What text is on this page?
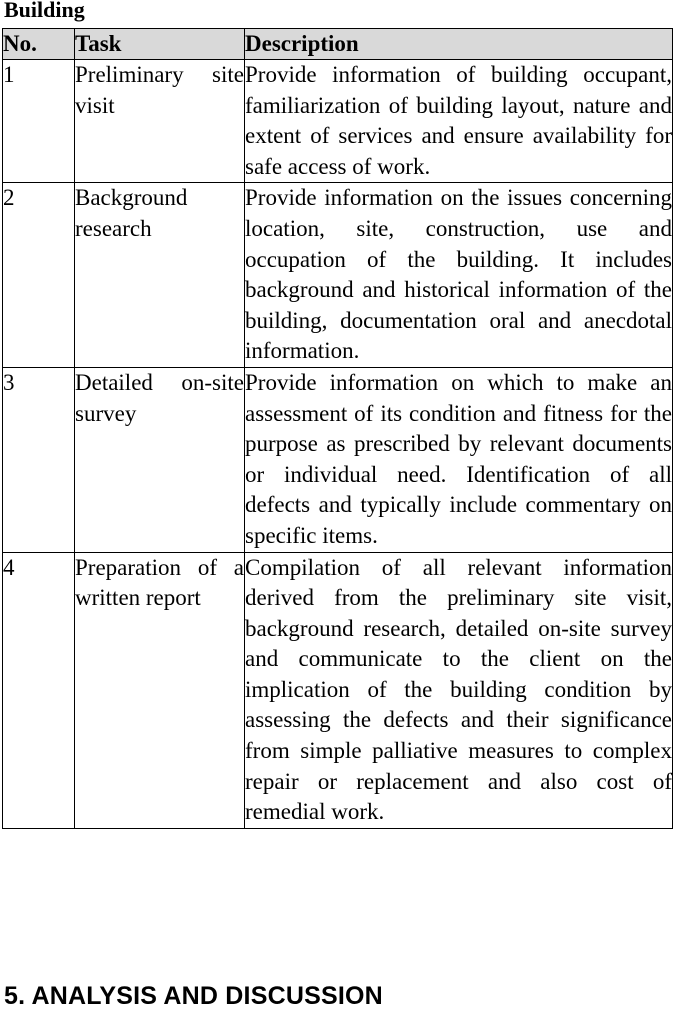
Building
No.	Task	Description
1	Preliminary site visit	Provide information of building occupant, familiarization of building layout, nature and extent of services and ensure availability for safe access of work.
2	Background research	Provide information on the issues concerning location, site, construction, use and occupation of the building. It includes background and historical information of the building, documentation oral and anecdotal information.
3	Detailed on-site survey	Provide information on which to make an assessment of its condition and fitness for the purpose as prescribed by relevant documents or individual need. Identification of all defects and typically include commentary on specific items.
4	Preparation of a written report	Compilation of all relevant information derived from the preliminary site visit, background research, detailed on-site survey and communicate to the client on the implication of the building condition by assessing the defects and their significance from simple palliative measures to complex repair or replacement and also cost of remedial work.
5. ANALYSIS AND DISCUSSION
